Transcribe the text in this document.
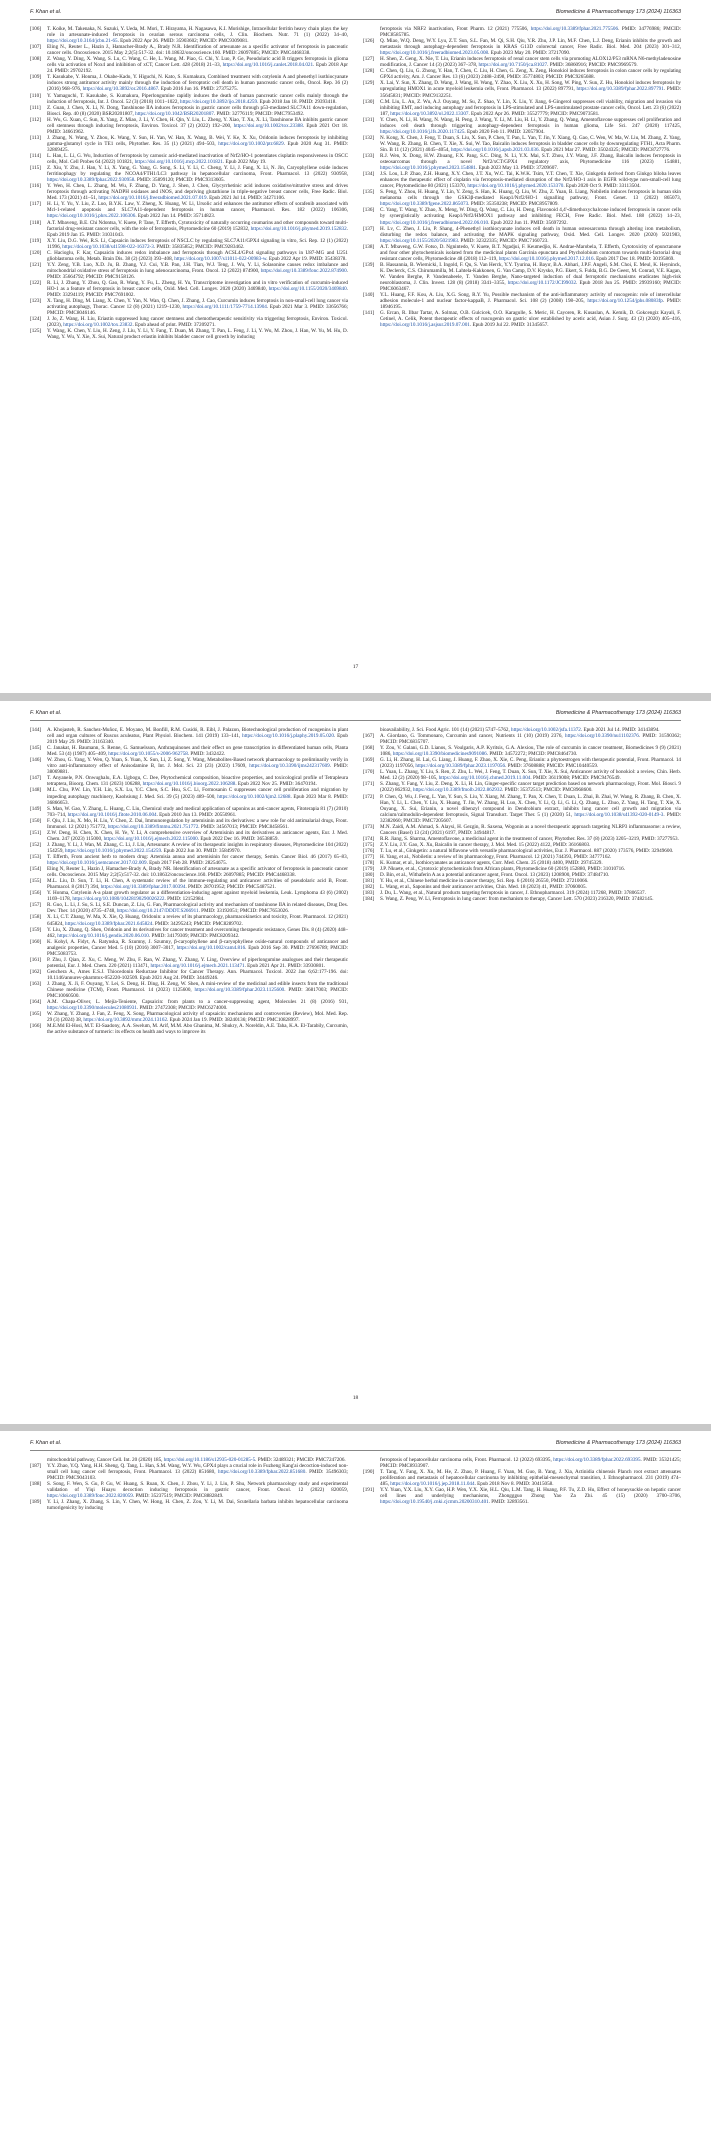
F. Khan et al.	Biomedicine & Pharmacotherapy 173 (2024) 116363

[106] T. Koike, M. Takenaka, N. Suzuki, Y. Ueda, M. Mori, T. Hirayama, H. Nagasawa, K.I. Morishige, Intracellular ferritin heavy chain plays the key role in artesunate-induced ferroptosis in ovarian serous carcinoma cells, J. Clin. Biochem. Nutr. 71 (1) (2022) 34–40, https://doi.org/10.3164/jcbn.21-65. Epub 2022 Apr 26. PMID: 35903602; PMCID: PMC9309081.

[107] Eling N., Reuter L., Hazin J., Hamacher-Brady A., Brady N.R. Identification of artesunate as a specific activator of ferroptosis in pancreatic cancer cells. Oncoscience. 2015 May 2;2(5):517-32. doi: 10.18632/oncoscience.160. PMID: 26097885; PMCID: PMC4468338.

[108] Z. Wang, Y. Ding, X. Wang, S. Lu, C. Wang, C. He, L. Wang, M. Piao, G. Chi, Y. Luo, P. Ge, Pseudolaric acid B triggers ferroptosis in glioma cells via activation of Nox4 and inhibition of xCT, Cancer Lett. 428 (2018) 21–33, https://doi.org/10.1016/j.canlet.2018.04.021. Epub 2018 Apr 24. PMID: 29702192.

[109] T. Kasukabe, Y. Honma, J. Okabe-Kado, Y. Higuchi, N. Kato, S. Kumakura, Combined treatment with cotylenin A and phenethyl isothiocyanate induces strong antitumor activity mainly through the induction of ferroptotic cell death in human pancreatic cancer cells, Oncol. Rep. 36 (2) (2016) 968–976, https://doi.org/10.3892/or.2016.4867. Epub 2016 Jun 16. PMID: 27375275.

[110] Y. Yamaguchi, T. Kasukabe, S. Kumakura, Piperlongumine rapidly induces the death of human pancreatic cancer cells mainly through the induction of ferroptosis, Int. J. Oncol. 52 (3) (2018) 1011–1022, https://doi.org/10.3892/ijo.2018.4259. Epub 2018 Jan 18. PMID: 29393418.

[111] Z. Guan, J. Chen, X. Li, N. Dong, Tanshinone IIA induces ferroptosis in gastric cancer cells through p53-mediated SLC7A11 down-regulation, Biosci. Rep. 40 (8) (2020) BSR20201807, https://doi.org/10.1042/BSR20201807. PMID: 32776119; PMCID: PMC7953492.

[112] H. Wu, G. Xuan, C. Sun, X. Yang, Z. Miao, J. Li, Y. Chen, H. Qin, Y. Liu, L. Zheng, Y. Xiao, T. Xu, X. Li, Tanshinone IIA inhibits gastric cancer cell stemness through inducing ferroptosis, Environ. Toxicol. 37 (2) (2022) 192–200, https://doi.org/10.1002/tox.23388. Epub 2021 Oct 18. PMID: 34661962.

[113] J. Zhang, N. Wang, Y. Zhou, K. Wang, Y. Sun, H. Yan, W. Han, X. Wang, B. Wei, Y. Ke, X. Xu, Oridonin induces ferroptosis by inhibiting gamma-glutamyl cycle in TE1 cells, Phytother. Res. 35 (1) (2021) 494–503, https://doi.org/10.1002/ptr.6829. Epub 2020 Aug 31. PMID: 32869425.

[114] L. Han, L. Li, G. Wu, Induction of ferroptosis by carnosic acid-mediated inactivation of Nrf2/HO-1 potentiates cisplatin responsiveness in OSCC cells, Mol. Cell Probes 64 (2022) 101821, https://doi.org/10.1016/j.mcp.2022.101821. Epub 2022 May 19.

[115] Z. Xiu, Y. Zhu, J. Han, Y. Li, X. Yang, G. Yang, G. Song, S. Li, Y. Li, C. Cheng, Y. Li, J. Fang, X. Li, N. Jin, Caryophyllene oxide induces ferritinophagy by regulating the NCOA4/FTH1/LC3 pathway in hepatocellular carcinoma, Front. Pharmacol. 13 (2022) 930958, https://doi.org/10.3389/fphar.2022.930958. PMID: 35899120; PMCID: PMC9313605.

[116] Y. Wen, H. Chen, L. Zhang, M. Wu, F. Zhang, D. Yang, J. Shen, J. Chen, Glycyrrhetinic acid induces oxidative/nitrative stress and drives ferroptosis through activating NADPH oxidases and iNOS, and depriving glutathione in triple-negative breast cancer cells, Free Radic. Biol. Med. 173 (2021) 41–51, https://doi.org/10.1016/j.freeradbiomed.2021.07.019. Epub 2021 Jul 14. PMID: 34271106.

[117] H. Li, Y. Yu, Y. Liu, Z. Luo, B.Y.K. Law, Y. Zheng, X. Huang, W. Li, Ursolic acid enhances the antitumor effects of sorafenib associated with Mcl-1-related apoptosis and SLC7A11-dependent ferroptosis in human cancer, Pharmacol. Res. 182 (2022) 106306, https://doi.org/10.1016/j.phrs.2022.106306. Epub 2022 Jun 14. PMID: 35714823.

[118] A.T. Mbaveng, B.E. Chi Ndontsa, V. Kuete, P. Tane, T. Efferth, Cytotoxicity of naturally occurring coumarins and other compounds toward multi-factorial drug-resistant cancer cells, with the role of ferroptosis, Phytomedicine 60 (2019) 152832, https://doi.org/10.1016/j.phymed.2019.152832. Epub 2019 Jan 15. PMID: 31031043.

[119] X.Y. Liu, D.G. Wei, R.S. Li, Capsaicin induces ferroptosis of NSCLC by regulating SLC7A11/GPX4 signaling in vitro, Sci. Rep. 12 (1) (2022) 11996, https://doi.org/10.1038/s41598-022-16372-3. PMID: 35835852; PMCID: PMC9283462.

[120] C. Hacioglu, F. Kar, Capsaicin induces redox imbalance and ferroptosis through ACSL4/GPx4 signaling pathways in U87-MG and U251 glioblastoma cells, Metab. Brain Dis. 38 (2) (2023) 393–408, https://doi.org/10.1007/s11011-022-00983-w. Epub 2022 Apr 19. PMID: 35438378.

[121] Y.Y. Zeng, Y.B. Luo, X.D. Ju, B. Zhang, Y.J. Cui, Y.B. Pan, J.H. Tian, W.J. Teng, J. Wu, Y. Li, Solasonine causes redox imbalance and mitochondrial oxidative stress of ferroptosis in lung adenocarcinoma, Front. Oncol. 12 (2022) 874900, https://doi.org/10.3389/fonc.2022.874900. PMID: 35664792; PMCID: PMC9158126.

[122] R. Li, J. Zhang, Y. Zhou, Q. Gao, R. Wang, Y. Fu, L. Zheng, H. Yu, Transcriptome investigation and in vitro verification of curcumin-induced HO-1 as a feature of ferroptosis in breast cancer cells, Oxid. Med. Cell. Longev. 2020 (2020) 3469840, https://doi.org/10.1155/2020/3469840. PMID: 33294119; PMCID: PMC7691002.

[123] X. Tang, H. Ding, M. Liang, X. Chen, Y. Yan, N. Wan, Q. Chen, J. Zhang, J. Cao, Curcumin induces ferroptosis in non-small-cell lung cancer via activating autophagy, Thorac. Cancer 12 (8) (2021) 1219–1230, https://doi.org/10.1111/1759-7714.13904. Epub 2021 Mar 3. PMID: 33656766; PMCID: PMC8046146.

[124] J. Jo, Z. Wang, H. Liu, Eriastin suppressed lung cancer stemness and chemotherapeutic sensitivity via triggering ferroptosis, Environ. Toxicol. (2023), https://doi.org/10.1002/tox.23832. Epub ahead of print. PMID: 37209271.

[125] Y. Wang, K. Chen, Y. Liu, H. Zeng, J. Liu, Y. Li, Y. Fang, T. Duan, M. Zhang, T. Pan, L. Feng, J. Li, Y. Wu, M. Zhou, J. Han, W. Yu, M. Hu, D. Wang, Y. Wu, Y. Xie, X. Sui, Natural product eriastin inhibits bladder cancer cell growth by inducing

ferroptosis via NRF2 inactivation, Front Pharm. 12 (2021) 775506, https://doi.org/10.3389/fphar.2021.775506. PMID: 34776986; PMCID: PMC8585785.

[126] Q. Miao, W.Q. Deng, W.Y. Lyu, Z.T. Sun, S.L. Fan, M. Qi, S.H. Qiu, Y.R. Zhu, J.P. Lin, M.F. Chen, L.J. Deng, Erianin inhibits the growth and metastasis through autophagy-dependent ferroptosis in KRAS G13D colorectal cancer, Free Radic. Biol. Med. 204 (2023) 301–312, https://doi.org/10.1016/j.freeradbiomed.2023.05.008. Epub 2023 May 20. PMID: 37217090.

[127] H. Shen, Z. Geng, X. Nie, T. Liu, Erianin induces ferroptosis of renal cancer stem cells via promoting ALOX12/P53 mRNA N6-methyladenosine modification, J. Cancer 14 (3) (2023) 367–378, https://doi.org/10.7150/jca.81027. PMID: 36860916; PMCID: PMC9969579.

[128] C. Chen, Q. Liu, G. Zhong, Y. Han, T. Chen, C. Liu, H. Chen, G. Zeng, X. Zeng, Honokiol induces ferroptosis in colon cancer cells by regulating GPX4 activity, Am. J. Cancer Res. 13 (6) (2023) 2488–2498, PMID: 35774803; PMCID: PMC9265688.

[129] X. Lai, Y. Sun, X. Zhang, D. Wang, J. Wang, H. Wang, Y. Zhao, X. Liu, X. Xu, H. Song, W. Ping, Y. Sun, Z. Hu, Honokiol induces ferroptosis by upregulating HMOX1 in acute myeloid leukemia cells, Front. Pharmacol. 13 (2022) 897791, https://doi.org/10.3389/fphar.2022.897791. PMID: 35645831; PMCID: PMC9132251.

[130] C.M. Liu, L. An, Z. Wu, A.J. Ouyang, M. Su, Z. Shao, Y. Lin, X. Liu, Y. Jiang, 6-Gingerol suppresses cell viability, migration and invasion via inhibiting EMT, and inducing autophagy and ferroptosis in LPS-stimulated and LPS-unstimulated prostate cancer cells, Oncol. Lett. 23 (6) (2022) 187, https://doi.org/10.3892/ol.2022.13307. Epub 2022 Apr 26. PMID: 35527779; PMCID: PMC9073581.

[131] Y. Chen, N. Li, H. Wang, N. Wang, H. Peng, J. Wang, Y. Li, M. Liu, H. Li, Y. Zhang, Q. Wang, Amentoflavone suppresses cell proliferation and induces cell death through triggering autophagy-dependent ferroptosis in human glioma, Life Sci. 247 (2020) 117425, https://doi.org/10.1016/j.lfs.2020.117425. Epub 2020 Feb 11. PMID: 32057904.

[132] N. Kong, X. Chen, J. Feng, T. Duan, S. Liu, X. Sun, P. Chen, T. Pan, L. Yan, T. Jin, Y. Xiang, Q. Gao, C. Wen, W. Ma, W. Liu, M. Zhang, Z. Yang, W. Wang, R. Zhang, B. Chen, T. Xie, X. Sui, W. Tao, Baicalin induces ferroptosis in bladder cancer cells by downregulating FTH1, Acta Pharm. Sin. B 11 (12) (2021) 4045–4054, https://doi.org/10.1016/j.apsb.2021.03.036. Epub 2021 Mar 27. PMID: 35024325; PMCID: PMC8727776.

[133] R.J. Wen, X. Dong, H.W. Zhuang, F.X. Pang, S.C. Ding, N. Li, Y.X. Mai, S.T. Zhou, J.Y. Wang, J.F. Zhang, Baicalin induces ferroptosis in osteosarcomas through a novel Nrf2/xCT/GPX4 regulatory axis, Phytomedicine 116 (2023) 154881, https://doi.org/10.1016/j.phymed.2023.154881. Epub 2023 May 13. PMID: 37209607.

[134] J.S. Lou, L.P. Zhao, Z.H. Huang, X.Y. Chen, J.T. Xu, W.C. Tai, K.W.K. Tsim, Y.T. Chen, T. Xie, Ginkgetin derived from Ginkgo biloba leaves enhances the therapeutic effect of cisplatin via ferroptosis-mediated disruption of the Nrf2/HO-1 axis in EGFR wild-type non-small-cell lung cancer, Phytomedicine 80 (2021) 153370, https://doi.org/10.1016/j.phymed.2020.153370. Epub 2020 Oct 9. PMID: 33113504.

[135] S. Peng, Y. Zhou, H. Huang, Y. Lin, Y. Zeng, S. Han, K. Huang, Q. Liu, W. Zhu, Z. Yuan, B. Liang, Nobiletin induces ferroptosis in human skin melanoma cells through the GSK3β-mediated Keap1/Nrf2/HO-1 signalling pathway, Front. Genet. 13 (2022) 865073, https://doi.org/10.3389/fgene.2022.865073. PMID: 35350238; PMCID: PMC8957809.

[136] C. Yang, T. Wang, Y. Zhao, X. Meng, W. Ding, Q. Wang, C. Liu, H. Deng, Flavonoid 4,4'-dimethoxychalcone induced ferroptosis in cancer cells by synergistically activating Keap1/Nrf2/HMOX1 pathway and inhibiting FECH, Free Radic. Biol. Med. 188 (2022) 14–23, https://doi.org/10.1016/j.freeradbiomed.2022.06.010. Epub 2022 Jun 11. PMID: 35697292.

[137] H. Lv, C. Zhen, J. Liu, P. Shang, 4-Phenethyl isothiocyanate induces cell death in human osteosarcoma through altering iron metabolism, disturbing the redox balance, and activating the MAPK signaling pathway, Oxid. Med. Cell. Longev. 2020 (2020) 5021983, https://doi.org/10.1155/2020/5021983. PMID: 32322335; PMCID: PMC7160723.

[138] A.T. Mbaveng, G.W. Fotso, D. Ngnintedo, V. Kuete, B.T. Ngadjui, F. Keumedjio, K. Andrae-Marobela, T. Efferth, Cytotoxicity of epunctanone and four other phytochemicals isolated from the medicinal plants Garcinia epunctata and Ptycholobium contortum towards multi-factorial drug resistant cancer cells, Phytomedicine 48 (2018) 112–119, https://doi.org/10.1016/j.phymed.2017.12.016. Epub 2017 Dec 18. PMID: 30195869.

[139] B. Hassannia, B. Wiernicki, I. Ingold, F. Qu, S. Van Herck, Y.Y. Tyurina, H. Bayır, B.A. Abhari, J.P.F. Angeli, S.M. Choi, E. Meul, K. Heyninck, K. Declerck, C.S. Chirumamilla, M. Lahtela-Kakkonen, G. Van Camp, D.V. Krysko, P.G. Ekert, S. Fulda, B.G. De Geest, M. Conrad, V.E. Kagan, W. Vanden Berghe, P. Vandenabeele, T. Vanden Berghe, Nano-targeted induction of dual ferroptotic mechanisms eradicates high-risk neuroblastoma, J. Clin. Invest. 128 (8) (2018) 3341–3355, https://doi.org/10.1172/JCI99032. Epub 2018 Jun 25. PMID: 29939160; PMCID: PMC6063467.

[140] Y.L. Huang, F.F. Kou, A. Liu, X.G. Song, R.Y. Yu, Possible mechanism of the anti-inflammatory activity of ruscogenin: role of intercellular adhesion molecule-1 and nuclear factor-kappaB, J. Pharmacol. Sci. 108 (2) (2008) 198–205, https://doi.org/10.1254/jphs.08083fp. PMID: 18946195.

[141] G. Ercan, R. Ilbar Tartar, A. Solmaz, O.B. Gulcicek, O.O. Karagulle, S. Meric, H. Cayoren, R. Kusaslan, A. Kemik, D. Gokcengiz Kayali, F. Cetinel, A. Celik, Potent therapeutic effects of ruscogenin on gastric ulcer established by acetic acid, Asian J. Surg. 43 (2) (2020) 405–416, https://doi.org/10.1016/j.asjsur.2019.07.001. Epub 2019 Jul 22. PMID: 31345657.

17
F. Khan et al.	Biomedicine & Pharmacotherapy 173 (2024) 116363

[144] A. Khojasteh, R. Sanchez-Muñoz, E. Moyano, M. Bonfill, R.M. Cusidó, R. Eibl, J. Palazon, Biotechnological production of rucogenins in plant cell and organ cultures of Ruscus aculeatus, Plant Physiol. Biochem. 141 (2019) 133–141, https://doi.org/10.1016/j.plaphy.2019.05.020. Epub 2019 May 29. PMID: 31163340.

[145] C. Janakat, H. Baumann, S. Renne, G. Samuelsson, Anthraquinones and their effect on gene transcription in differentiated human cells, Planta Med. 53 (4) (1987) 405–409, https://doi.org/10.1055/s-2006-962758. PMID: 3432422.

[146] W. Zhou, G. Yang, Y. Wen, Q. Yuan, S. Yuan, X. Sun, Li, Z. Song, Y. Wang, Metabolites-Based network pharmacology to preliminarily verify in vitro anti-inflammatory effect of Anisodamine B, Int. J. Mol. Sci. 23 (23) (2023) 17609, https://doi.org/10.3390/ijms242317609. PMID: 38069881.

[147] T. Anyanele, P.N. Onwughalu, E.A. Ugbogu, C. Dee, Phytochemical composition, bioactive properties, and toxicological profile of Tetrapleura tetraptera, Bioorg. Chem. 131 (2023) 106288, https://doi.org/10.1016/j.bioorg.2022.106288. Epub 2022 Nov 25. PMID: 36470194.

[148] M.L. Chu, P.W. Lin, Y.H. Lin, S.X. Lu, Y.C. Chen, S.C. Hsu, S.C. Li, Formosanin C suppresses cancer cell proliferation and migration by impeding autophagy machinery, Kaohsiung J. Med. Sci. 39 (5) (2023) 489–500, https://doi.org/10.1002/kjm2.12688. Epub 2023 Mar 8. PMID: 36866653.

[149] S. Man, W. Gao, Y. Zhang, L. Huang, C. Liu, Chemical study and medical application of saponins as anti-cancer agents, Fitoterapia 81 (7) (2010) 703–714, https://doi.org/10.1016/j.fitote.2010.06.004. Epub 2010 Jun 13. PMID: 20550961.

[150] F. Qiu, J. Liu, X. Mo, H. Liu, Y. Chen, Z. Dai, Immunoregulation by artemisinin and its derivatives: a new role for old antimalarial drugs, Front. Immunol. 12 (2021) 751772, https://doi.org/10.3389/fimmu.2021.751772. PMID: 34567013; PMCID: PMC8458561.

[151] Z.W. Deng, H. Chen, X. Chen, H. Ye, Y. Li, A comprehensive overview of Artemisinin and its derivatives as anticancer agents, Eur. J. Med. Chem. 247 (2023) 115000, https://doi.org/10.1016/j.ejmech.2022.115000. Epub 2022 Dec 16. PMID: 36538859.

[152] J. Zhang, Y. Li, J. Wan, M. Zhang, C. Li, J. Lin, Artesunate: A review of its therapeutic insights in respiratory diseases, Phytomedicine 104 (2022) 154259, https://doi.org/10.1016/j.phymed.2022.154259. Epub 2022 Jun 30. PMID: 35849970.

[153] T. Efferth, From ancient herb to modern drug: Artemisia annua and artemisinin for cancer therapy, Semin. Cancer Biol. 46 (2017) 65–83, https://doi.org/10.1016/j.semcancer.2017.02.009. Epub 2017 Feb 28. PMID: 28254675.

[154] Eling N, Reuter L, Hazin J, Hamacher-Brady A, Brady NR. Identification of artesunate as a specific activator of ferroptosis in pancreatic cancer cells. Oncoscience. 2015 May 2;2(5):517-32. doi: 10.18632/oncoscience.160. PMID: 26097885; PMCID: PMC4468338.

[155] M.L. Liu, D. Sun, T. Li, H. Chen, A systematic review of the immune-regulating and anticancer activities of pseudolaric acid B, Front. Pharmacol. 8 (2017) 394, https://doi.org/10.3389/fphar.2017.00394. PMID: 28701952; PMCID: PMC5487521.

[156] Y. Honma, Cotylenin A-a plant growth regulator as a differentiation-inducing agent against myeloid leukemia, Leuk. Lymphoma 43 (6) (2002) 1169–1178, https://doi.org/10.1080/10428190290026222. PMID: 12152984.

[157] R. Guo, L. Li, J. Su, S. Li, S.E. Duncan, Z. Liu, G. Fan, Pharmacological activity and mechanism of tanshinone IIA in related diseases, Drug Des. Dev. Ther. 14 (2020) 4735–4748, https://doi.org/10.2147/DDDT.S266911. PMID: 33192051; PMCID: PMC7653026.

[158] X. Li, C.T. Zhang, W. Ma, X. Xie, Q. Huang, Oridonin: a review of its pharmacology, pharmacokinetics and toxicity, Front. Pharmacol. 12 (2021) 645824, https://doi.org/10.3389/fphar.2021.645824. PMID: 34295243; PMCID: PMC8289702.

[159] Y. Liu, X. Zhang, Q. Shen, Oridonin and its derivatives for cancer treatment and overcoming therapeutic resistance, Genes Dis. 8 (4) (2020) 448–462, https://doi.org/10.1016/j.gendis.2020.06.010. PMID: 34179309; PMCID: PMC8209342.

[160] K. Kohyl, A. Fidyt, A. Ratynska, R. Szumny, J. Szumny, β-caryophyllene and β-caryophyllene oxide-natural compounds of anticancer and analgesic properties, Cancer Med. 5 (10) (2016) 3007–3017, https://doi.org/10.1002/cam4.816. Epub 2016 Sep 30. PMID: 27696789; PMCID: PMC5083753.

[161] P. Zhu, J. Qian, Z. Xu, C. Meng, W. Zhu, F. Ran, W. Zhang, Y. Zhang, Y. Ling, Overview of piperlongumine analogues and their therapeutic potential, Eur. J. Med. Chem. 220 (2021) 113471, https://doi.org/10.1016/j.ejmech.2021.113471. Epub 2021 Apr 21. PMID: 33930801.

[162] Genchera A., Ames E.S.J. Thiocedonin Reductase Inhibitor for Cancer Therapy. Ann. Pharmacol. Toxicol. 2022 Jan 6;62:177-196. doi: 10.1146/annurev-pharmtox-052220-102509. Epub 2021 Aug 24. PMID: 34449246.

[163] J. Zhang, X. Ji, F. Ouyang, Y. Lei, S. Deng, H. Ding, H. Zeng, W. Shen, A mini-review of the medicinal and edible insects from the traditional Chinese medicine (TCM), Front. Pharmacol. 14 (2023) 1125600, https://doi.org/10.3389/fphar.2023.1125600. PMID: 36817003; PMCID: PMC10060500.

[164] A.M. Chapa-Oliver, L. Mejía-Teniente, Capsaicin: from plants to a cancer-suppressing agent, Molecules 21 (8) (2016) 931, https://doi.org/10.3390/molecules21080931. PMID: 27472308; PMCID: PMC6274000.

[165] W. Zhang, Y. Zhang, J. Fan, Z. Feng, X. Song, Pharmacological activity of capsaicin: mechanisms and controversies (Review), Mol. Med. Rep. 29 (3) (2024) 38, https://doi.org/10.3892/mmr.2024.13162. Epub 2024 Jan 19. PMID: 38240136; PMCID: PMC10828997.

[166] M.E.Md El-Hosi, M.T. El-Saadony, A.A. Swelum, M. Arif, M.M. Abo Ghanima, M. Shukry, A. Noreldin, A.E. Taha, K.A. El-Tarabily, Curcumin, the active substance of turmeric: its effects on health and ways to improve its

bioavailability, J. Sci. Food Agric. 101 (14) (2021) 5747–5762, https://doi.org/10.1002/jsfa.11372. Epub 2021 Jul 14. PMID: 34143894.

[167] A. Giordano, G. Tommonaro, Curcumin and cancer, Nutrients 11 (10) (2019) 2376, https://doi.org/10.3390/nu11102376. PMID: 31590362; PMCID: PMC6835707.

[168] Y. Zou, V. Galani, G.D. Lianos, S. Voulgaris, A.P. Kyritsis, G.A. Alexiou, The role of curcumin in cancer treatment, Biomedicines 9 (9) (2021) 1086, https://doi.org/10.3390/biomedicines9091086. PMID: 34572272; PMCID: PMC8464730.

[169] G. Li, H. Zhang, H. Lai, G. Liang, J. Huang, F. Zhao, X. Xie, C. Peng, Erianin: a phytoestrogen with therapeutic potential, Front. Pharmacol. 14 (2023) 1197056, https://doi.org/10.3389/fphar.2023.1197056. PMID: 37608888; PMCID: PMC10440559.

[170] L. Yuan, L. Zhang, Y. Liu, S. Ren, Z. Zhu, L. Wei, J. Feng, T. Duan, X. Sun, T. Xie, X. Sui, Anticancer activity of honokiol: a review, Chin. Herb. Med. 12 (2) (2020) 98–105, https://doi.org/10.1016/j.chmed.2019.11.004. PMID: 36119008; PMCID: PMC9476549.

[171] S. Zhang, Y. Fang, Y. Liu, Z. Deng, X. Li, H. Lin, Ginger-specific cancer target prediction based on network pharmacology, Front. Mol. Biosci. 9 (2022) 862932, https://doi.org/10.3389/fmolb.2022.862932. PMID: 35372513; PMCID: PMC8968600.

[172] P. Chen, Q. Wu, J. Feng, L. Yan, Y. Sun, S. Liu, Y. Xiang, M. Zhang, T. Pan, X. Chen, T. Duan, L. Zhai, B. Zhai, W. Wang, R. Zhang, B. Chen, X. Han, Y. Li, L. Chen, Y. Liu, X. Huang, T. Jin, W. Zhang, H. Luo, X. Chen, Y. Li, Q. Li, G. Li, Q. Zhang, L. Zhuo, Z. Yang, H. Tang, T. Xie, X. Ouyang, X. Sui, Erianin, a novel dibenzyl compound in Dendrobium extract, inhibits lung cancer cell growth and migration via calcium/calmodulin-dependent ferroptosis, Signal Transduct. Target Ther. 5 (1) (2020) 51, https://doi.org/10.1038/s41392-020-0149-3. PMID: 32382060; PMCID: PMC7205607.

[173] M.N. Zaidi, A.M. Ahmad, S. Alaysi, H. Gezgin, R. Saxena, Wogonin as a novel therapeutic approach targeting NLRP3 inflammasome: a review, Cancers (Basel) 13 (24) (2021) 6197, PMID: 34944817.

[174] R.R. Jiang, S. Sharma, Amentoflavone, a medicinal agent in the treatment of cancer, Phytother. Res. 37 (8) (2023) 3205–3219, PMID: 37277953.

[175] Z.Y. Liu, J.Y. Gao, X. Xu, Baicalin in cancer therapy, J. Mol. Med. 15 (2022) 4122, PMID: 36166803.

[176] T. Lu, et al., Ginkgetin: a natural biflavone with versatile pharmacological activities, Eur. J. Pharmacol. 887 (2020) 173576, PMID: 32949600.

[177] H. Yang, et al., Nobiletin: a review of its pharmacology, Front. Pharmacol. 12 (2021) 744393, PMID: 34777162.

[178] K. Kumar, et al., Isothiocyanates as anticancer agents, Curr. Med. Chem. 25 (2018) 4400, PMID: 29745329.

[179] J.P. Nkuete, et al., Cytotoxic phytochemicals from African plants, Phytomedicine 60 (2019) 152880, PMID: 31010716.

[180] D. Bin, et al., Withaferin A as a potential anticancer agent, Front. Oncol. 13 (2023) 1208900, PMID: 37484710.

[181] Y. Hu, et al., Chinese herbal medicine in cancer therapy, Sci. Rep. 6 (2016) 26550, PMID: 27210066.

[182] L. Wang, et al., Saponins and their anticancer activities, Chin. Med. 18 (2023) 41, PMID: 37060005.

[183] J. Du, L. Wang, et al., Natural products targeting ferroptosis in cancer, J. Ethnopharmacol. 319 (2024) 117268, PMID: 37806537.

[184] S. Wang, Z. Peng, W. Li, Ferroptosis in lung cancer: from mechanism to therapy, Cancer Lett. 570 (2023) 216320, PMID: 37482145.

18
F. Khan et al.	Biomedicine & Pharmacotherapy 173 (2024) 116363

mitochondrial pathway, Cancer Cell. Int. 20 (2020) 185, https://doi.org/10.1186/s12935-020-01285-5. PMID: 32489321; PMCID: PMC7247206.

[187] Y.Y. Zhao, Y.Q. Yang, H.H. Sheng, Q. Tang, L. Han, S.M. Wang, W.Y. Wu, GPX4 plays a crucial role in Fuzheng Kang'ai decoction-induced non-small cell lung cancer cell ferroptosis, Front. Pharmacol. 13 (2022) 851680, https://doi.org/10.3389/fphar.2022.851680. PMID: 35496303; PMCID: PMC9043103.

[188] S. Song, F. Wen, S. Gu, P. Gu, W. Huang, S. Ruan, X. Chen, J. Zhou, Y. Li, J. Liu, P. Shu, Network pharmacology study and experimental validation of Yiqi Huayu decoction inducing ferroptosis in gastric cancer, Front. Oncol. 12 (2022) 820059, https://doi.org/10.3389/fonc.2022.820059. PMID: 35237519; PMCID: PMC8882849.

[189] Y. Li, J. Zhang, X. Zhang, S. Lin, Y. Chen, W. Hong, H. Chen, Z. Zou, Y. Li, M. Dai, Scutellaria barbata inhibits hepatocellular carcinoma tumorigenicity by inducing

ferroptosis of hepatocellular carcinoma cells, Front. Pharmacol. 12 (2022) 693395, https://doi.org/10.3389/fphar.2022.693395. PMID: 35321425; PMCID: PMC8933907.

[190] T. Tang, Y. Fang, X. Xu, M. He, Z. Zhao, P. Huang, F. Yuan, M. Guo, B. Yang, J. Xia, Actinidia chinensis Planch root extract attenuates proliferation and metastasis of hepatocellular carcinoma by inhibiting epithelial-mesenchymal transition, J. Ethnopharmacol. 231 (2019) 474–485, https://doi.org/10.1016/j.jep.2018.11.044. Epub 2018 Nov 8. PMID: 30415058.

[191] Y.Y. Yuan, Y.X. Liu, X.Y. Gao, H.P. Wen, Y.X. Xie, H.L. Qiu, L.M. Tang, H. Huang, P.F. Tu, Z.D. Hu, Effect of honeysuckle on hepatic cancer cell lines and underlying mechanisms, Zhonggguo Zhong Yao Za Zhi. 45 (15) (2020) 3700–3706, https://doi.org/10.19540/j.cnki.cjcmm.20200310.401. PMID: 32893561.
